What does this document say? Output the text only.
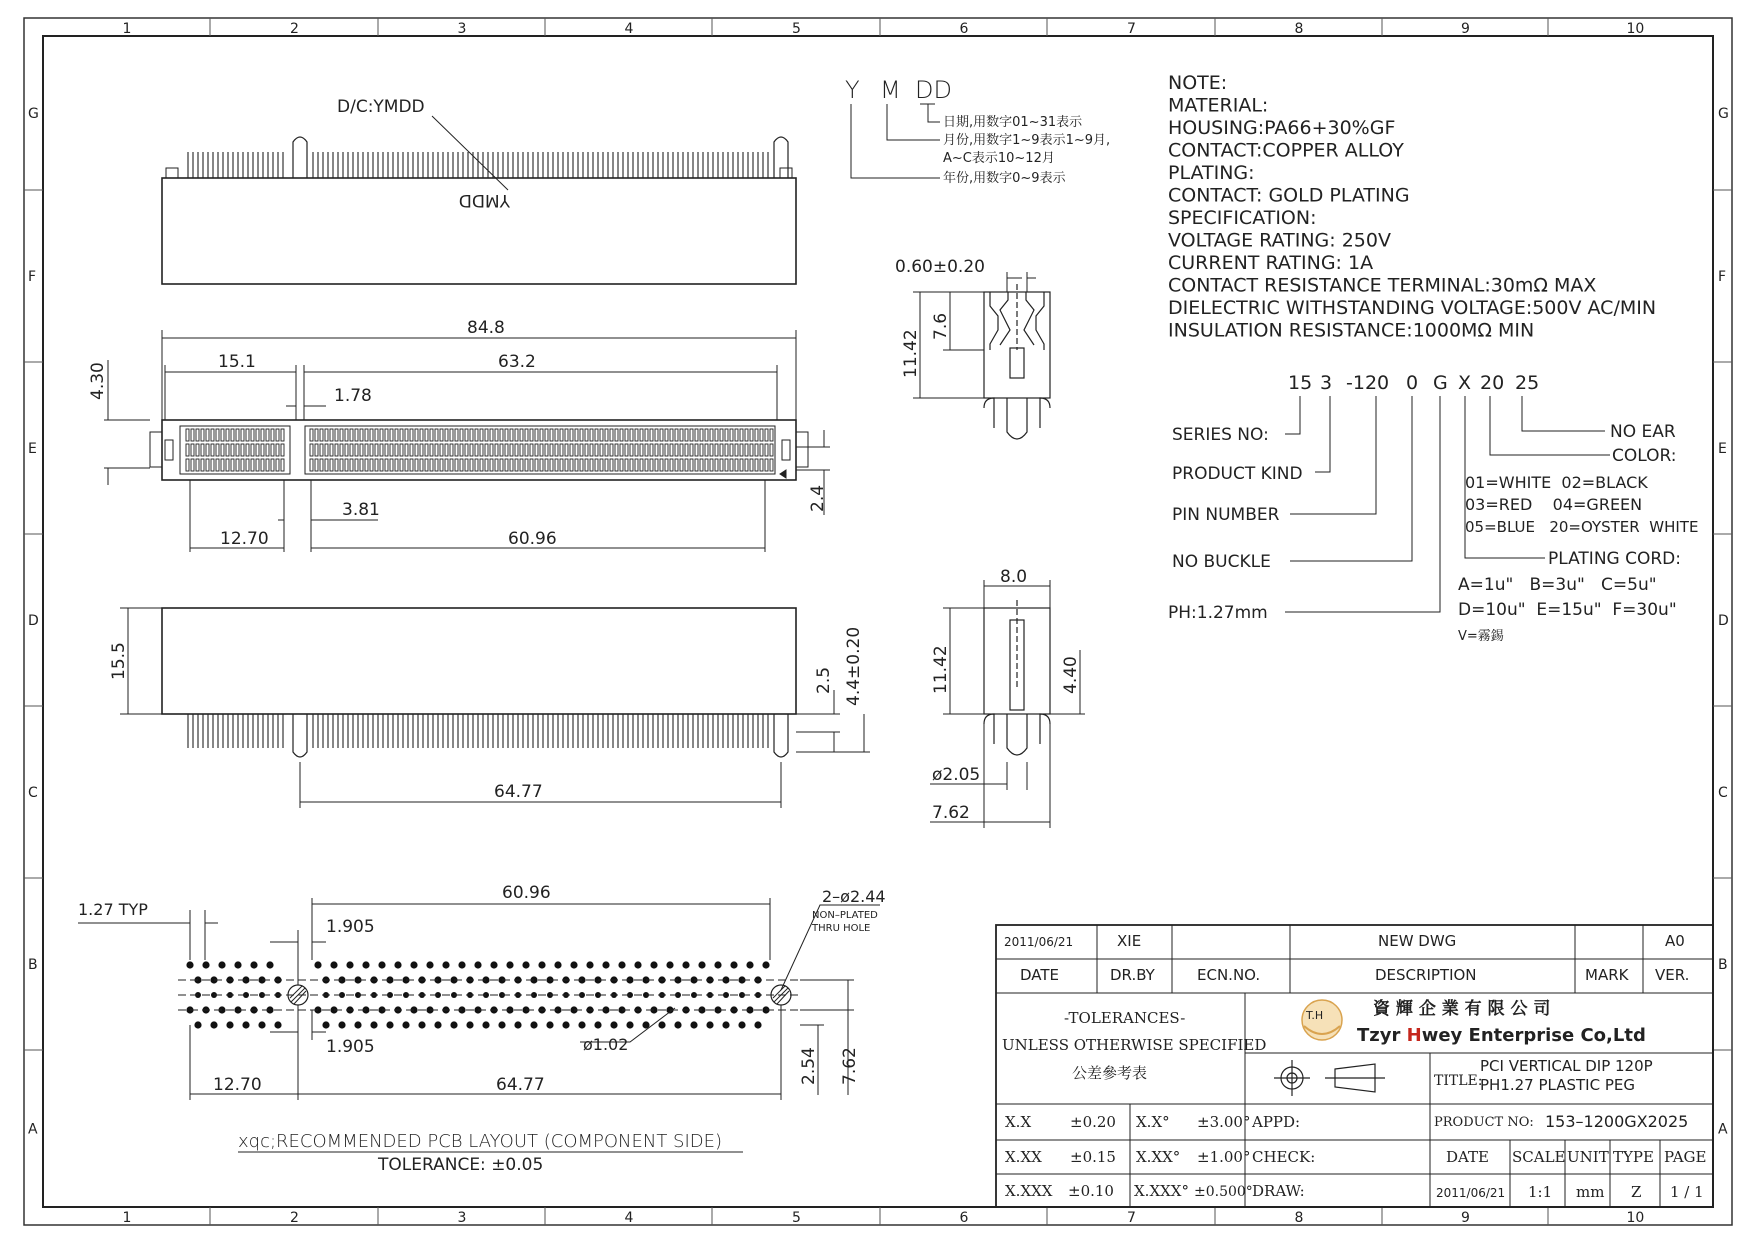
1
1
2
2
3
3
4
4
5
5
6
6
7
7
8
8
9
9
10
10
G	G
F	F
E	E
D	D
C	C
B	B
A	A
D/C:YMDD
YMDD
Y M DD
日期,用数字01~31表示
月份,用数字1~9表示1~9月,
A~C表示10~12月
年份,用数字0~9表示
84.8
15.1	63.2
1.78
4.30
12.70
3.81
60.96
2.4
15.5
64.77
2.5 4.4±0.20
0.60±0.20
11.42
7.6
8.0
11.42	4.40
ø2.05
7.62
NOTE:
MATERIAL:
HOUSING:PA66+30%GF
CONTACT:COPPER ALLOY
PLATING:
CONTACT: GOLD PLATING
SPECIFICATION:
VOLTAGE RATING: 250V
CURRENT RATING: 1A
CONTACT RESISTANCE TERMINAL:30mΩ MAX
DIELECTRIC WITHSTANDING VOLTAGE:500V AC/MIN
INSULATION RESISTANCE:1000MΩ MIN
15 3 -120 0 G X 20 25
SERIES NO:
PRODUCT KIND
PIN NUMBER
NO BUCKLE
PH:1.27mm
NO EAR
COLOR:
PLATING CORD:
01=WHITE  02=BLACK
03=RED    04=GREEN
05=BLUE   20=OYSTER  WHITE
A=1u"   B=3u"   C=5u"
D=10u"  E=15u"  F=30u"
V=霧錫
1.27 TYP
60.96	2–ø2.44
NON–PLATED
THRU HOLE
1.905
1.905	ø1.02
12.70	64.77	2.54 7.62
xqc;RECOMMENDED PCB LAYOUT (COMPONENT SIDE)
TOLERANCE: ±0.05
2011/06/21	XIE	NEW DWG	A0
DATE	DR.BY	ECN.NO.	DESCRIPTION	MARK VER.
-TOLERANCES-
UNLESS OTHERWISE SPECIFIED
公差參考表
T.H	資 輝 企 業 有 限 公 司
Tzyr Hwey Enterprise Co,Ltd
TITLE:
PCI VERTICAL DIP 120P
PH1.27 PLASTIC PEG
X.X	±0.20 X.X° ±3.00°
X.XX ±0.15 X.XX° ±1.00°
X.XXX ±0.10 X.XXX° ±0.500°
APPD:
CHECK:
DRAW:
PRODUCT NO: 153–1200GX2025
DATE SCALE UNIT TYPE PAGE
2011/06/21 1:1 mm Z 1 / 1
